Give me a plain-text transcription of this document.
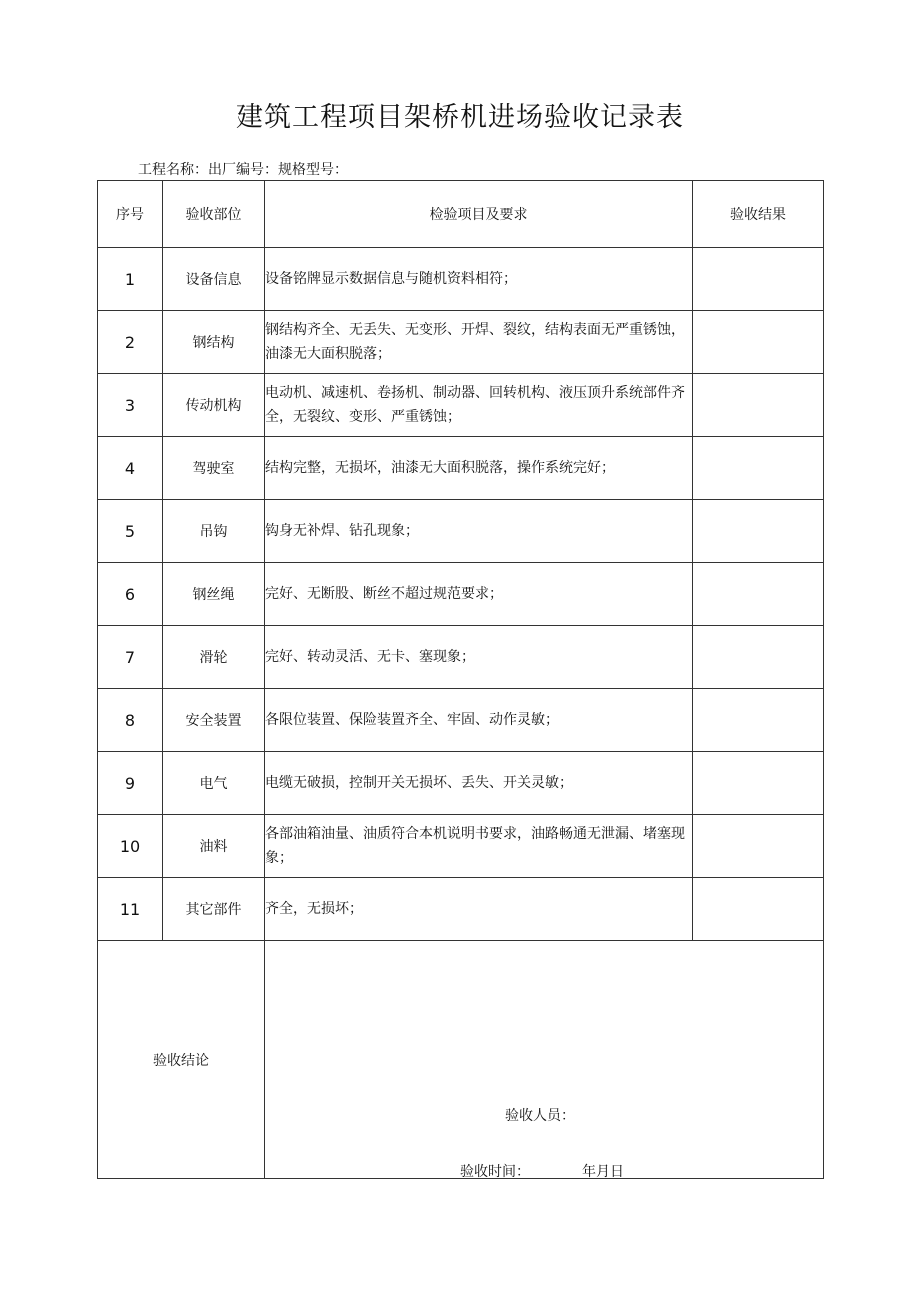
建筑工程项目架桥机进场验收记录表
工程名称：出厂编号：规格型号：
序号	验收部位	检验项目及要求	验收结果
1	设备信息	设备铭牌显示数据信息与随机资料相符；	
2	钢结构	钢结构齐全、无丢失、无变形、开焊、裂纹，结构表面无严重锈蚀，油漆无大面积脱落；	
3	传动机构	电动机、减速机、卷扬机、制动器、回转机构、液压顶升系统部件齐全，无裂纹、变形、严重锈蚀；	
4	驾驶室	结构完整，无损坏，油漆无大面积脱落，操作系统完好；	
5	吊钩	钩身无补焊、钻孔现象；	
6	钢丝绳	完好、无断股、断丝不超过规范要求；	
7	滑轮	完好、转动灵活、无卡、塞现象；	
8	安全装置	各限位装置、保险装置齐全、牢固、动作灵敏；	
9	电气	电缆无破损，控制开关无损坏、丢失、开关灵敏；	
10	油料	各部油箱油量、油质符合本机说明书要求，油路畅通无泄漏、堵塞现象；	
11	其它部件	齐全，无损坏；	
验收结论		验收人员：
验收时间： 年月日	
